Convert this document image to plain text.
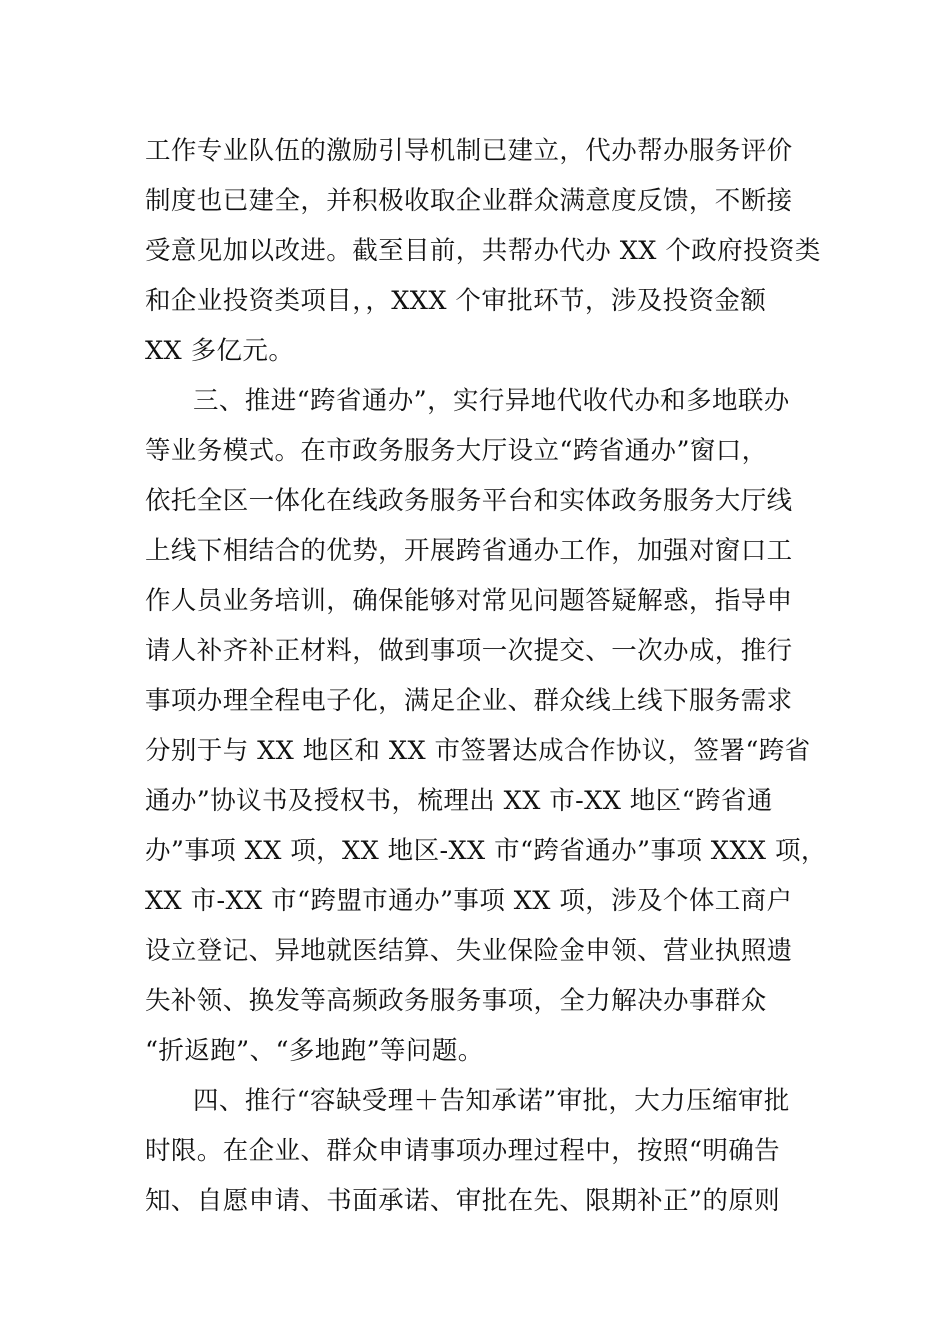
工作专业队伍的激励引导机制已建立，代办帮办服务评价
制度也已建全，并积极收取企业群众满意度反馈，不断接
受意见加以改进。截至目前，共帮办代办 XX 个政府投资类
和企业投资类项目，，XXX 个审批环节，涉及投资金额
XX 多亿元。
三、推进“跨省通办”，实行异地代收代办和多地联办
等业务模式。在市政务服务大厅设立“跨省通办”窗口，
依托全区一体化在线政务服务平台和实体政务服务大厅线
上线下相结合的优势，开展跨省通办工作，加强对窗口工
作人员业务培训，确保能够对常见问题答疑解惑，指导申
请人补齐补正材料，做到事项一次提交、一次办成，推行
事项办理全程电子化，满足企业、群众线上线下服务需求
分别于与 XX 地区和 XX 市签署达成合作协议，签署“跨省
通办”协议书及授权书，梳理出 XX 市-XX 地区“跨省通
办”事项 XX 项，XX 地区-XX 市“跨省通办”事项 XXX 项，
XX 市-XX 市“跨盟市通办”事项 XX 项，涉及个体工商户
设立登记、异地就医结算、失业保险金申领、营业执照遗
失补领、换发等高频政务服务事项，全力解决办事群众
“折返跑”、“多地跑”等问题。
四、推行“容缺受理＋告知承诺”审批，大力压缩审批
时限。在企业、群众申请事项办理过程中，按照“明确告
知、自愿申请、书面承诺、审批在先、限期补正”的原则
